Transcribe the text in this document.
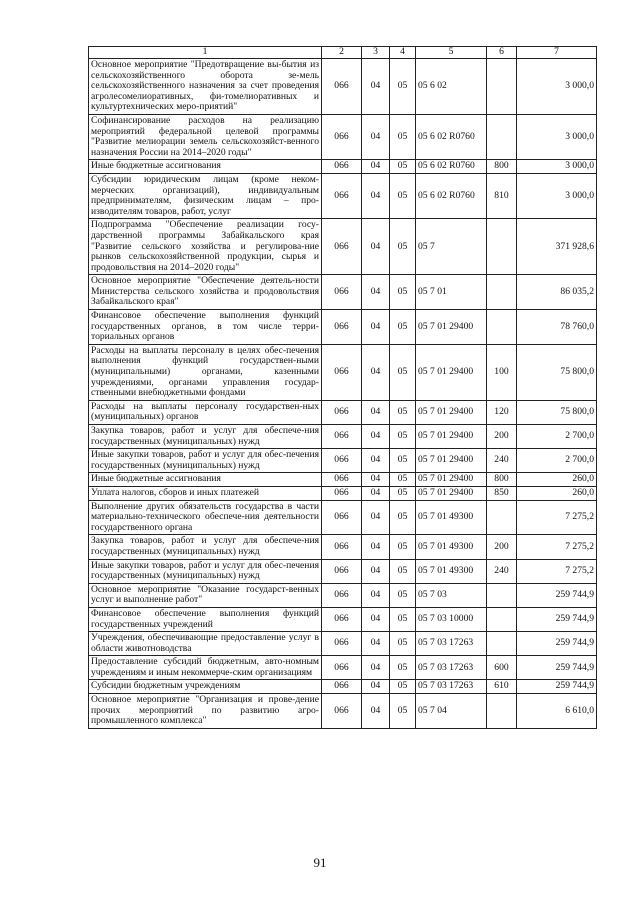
1	2	3	4	5	6	7
Основное мероприятие "Предотвращение вы-бытия из сельскохозяйственного оборота зе-мель сельскохозяйственного назначения за счет проведения агролесомелиоративных, фи-томелиоративных и культуртехнических меро-приятий"	066	04	05	05 6 02		3 000,0
Софинансирование расходов на реализацию мероприятий федеральной целевой программы "Развитие мелиорации земель сельскохозяйст-венного назначения России на 2014–2020 годы"	066	04	05	05 6 02 R0760		3 000,0
Иные бюджетные ассигнования	066	04	05	05 6 02 R0760	800	3 000,0
Субсидии юридическим лицам (кроме неком-мерческих организаций), индивидуальным предпринимателям, физическим лицам – про-изводителям товаров, работ, услуг	066	04	05	05 6 02 R0760	810	3 000,0
Подпрограмма "Обеспечение реализации госу-дарственной программы Забайкальского края "Развитие сельского хозяйства и регулирова-ние рынков сельскохозяйственной продукции, сырья и продовольствия на 2014–2020 годы"	066	04	05	05 7		371 928,6
Основное мероприятие "Обеспечение деятель-ности Министерства сельского хозяйства и продовольствия Забайкальского края"	066	04	05	05 7 01		86 035,2
Финансовое обеспечение выполнения функций государственных органов, в том числе терри-ториальных органов	066	04	05	05 7 01 29400		78 760,0
Расходы на выплаты персоналу в целях обес-печения выполнения функций государствен-ными (муниципальными) органами, казенными учреждениями, органами управления государ-ственными внебюджетными фондами	066	04	05	05 7 01 29400	100	75 800,0
Расходы на выплаты персоналу государствен-ных (муниципальных) органов	066	04	05	05 7 01 29400	120	75 800,0
Закупка товаров, работ и услуг для обеспече-ния государственных (муниципальных) нужд	066	04	05	05 7 01 29400	200	2 700,0
Иные закупки товаров, работ и услуг для обес-печения государственных (муниципальных) нужд	066	04	05	05 7 01 29400	240	2 700,0
Иные бюджетные ассигнования	066	04	05	05 7 01 29400	800	260,0
Уплата налогов, сборов и иных платежей	066	04	05	05 7 01 29400	850	260,0
Выполнение других обязательств государства в части материально-технического обеспече-ния деятельности государственного органа	066	04	05	05 7 01 49300		7 275,2
Закупка товаров, работ и услуг для обеспече-ния государственных (муниципальных) нужд	066	04	05	05 7 01 49300	200	7 275,2
Иные закупки товаров, работ и услуг для обес-печения государственных (муниципальных) нужд	066	04	05	05 7 01 49300	240	7 275,2
Основное мероприятие "Оказание государст-венных услуг и выполнение работ"	066	04	05	05 7 03		259 744,9
Финансовое обеспечение выполнения функций государственных учреждений	066	04	05	05 7 03 10000		259 744,9
Учреждения, обеспечивающие предоставление услуг в области животноводства	066	04	05	05 7 03 17263		259 744,9
Предоставление субсидий бюджетным, авто-номным учреждениям и иным некоммерче-ским организациям	066	04	05	05 7 03 17263	600	259 744,9
Субсидии бюджетным учреждениям	066	04	05	05 7 03 17263	610	259 744,9
Основное мероприятие "Организация и прове-дение прочих мероприятий по развитию агро-промышленного комплекса"	066	04	05	05 7 04		6 610,0
91
